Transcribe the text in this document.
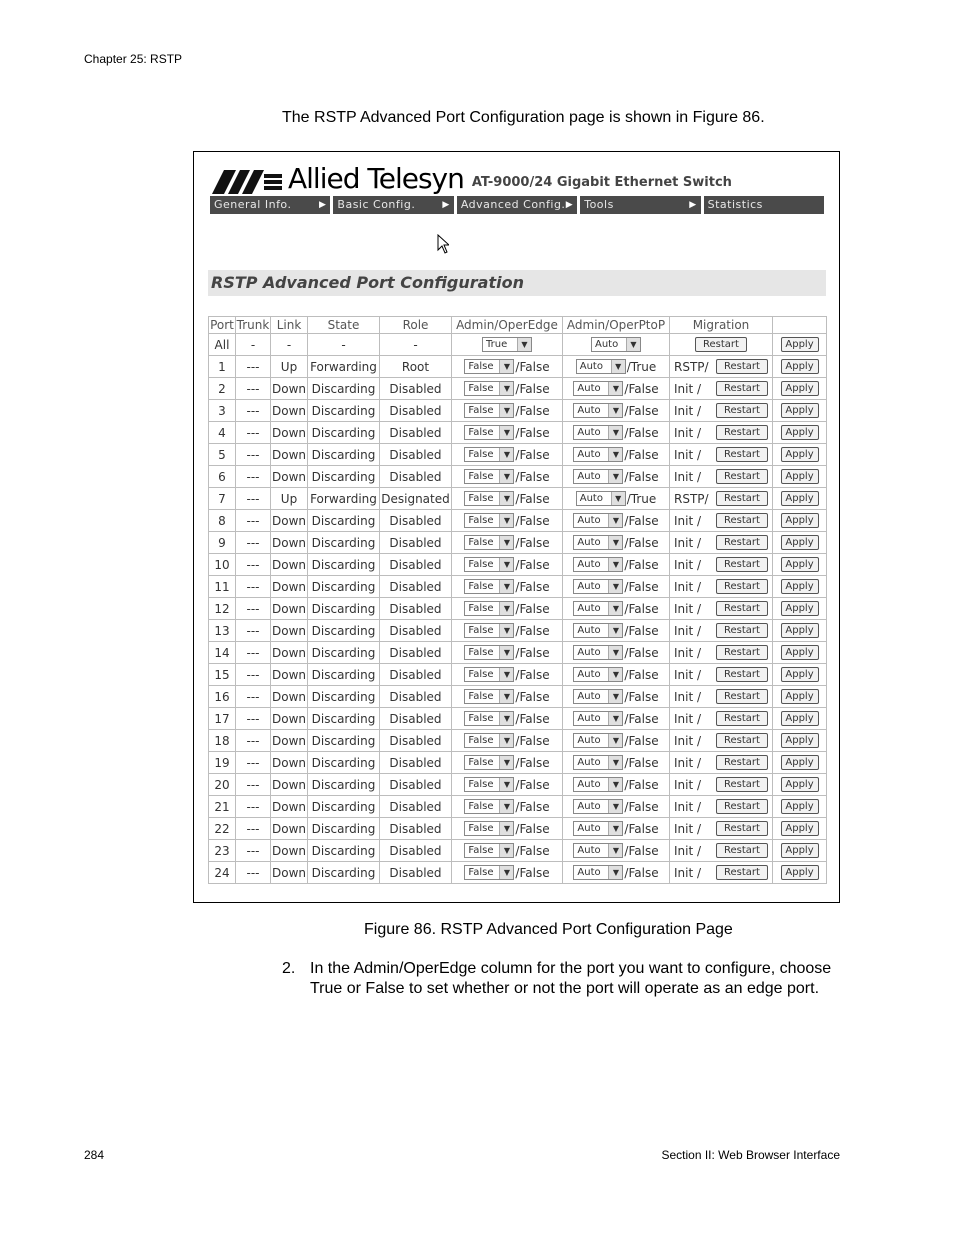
Chapter 25: RSTP
The RSTP Advanced Port Configuration page is shown in Figure 86.
Allied Telesyn AT-9000/24 Gigabit Ethernet Switch
General Info.	▶	Basic Config.	▶	Advanced Config. ▶	Tools	▶	Statistics
RSTP Advanced Port Configuration
Port	Trunk	Link	State	Role	Admin/OperEdge	Admin/OperPtoP	Migration	
All	-	-	-	-	True ▼	Auto ▼	Restart	Apply
1	---	Up	Forwarding	Root	False ▼ /False	Auto ▼ /True	RSTP/ Restart	Apply
2	---	Down	Discarding	Disabled	False ▼ /False	Auto ▼ /False	Init / Restart	Apply
3	---	Down	Discarding	Disabled	False ▼ /False	Auto ▼ /False	Init / Restart	Apply
4	---	Down	Discarding	Disabled	False ▼ /False	Auto ▼ /False	Init / Restart	Apply
5	---	Down	Discarding	Disabled	False ▼ /False	Auto ▼ /False	Init / Restart	Apply
6	---	Down	Discarding	Disabled	False ▼ /False	Auto ▼ /False	Init / Restart	Apply
7	---	Up	Forwarding	Designated	False ▼ /False	Auto ▼ /True	RSTP/ Restart	Apply
8	---	Down	Discarding	Disabled	False ▼ /False	Auto ▼ /False	Init / Restart	Apply
9	---	Down	Discarding	Disabled	False ▼ /False	Auto ▼ /False	Init / Restart	Apply
10	---	Down	Discarding	Disabled	False ▼ /False	Auto ▼ /False	Init / Restart	Apply
11	---	Down	Discarding	Disabled	False ▼ /False	Auto ▼ /False	Init / Restart	Apply
12	---	Down	Discarding	Disabled	False ▼ /False	Auto ▼ /False	Init / Restart	Apply
13	---	Down	Discarding	Disabled	False ▼ /False	Auto ▼ /False	Init / Restart	Apply
14	---	Down	Discarding	Disabled	False ▼ /False	Auto ▼ /False	Init / Restart	Apply
15	---	Down	Discarding	Disabled	False ▼ /False	Auto ▼ /False	Init / Restart	Apply
16	---	Down	Discarding	Disabled	False ▼ /False	Auto ▼ /False	Init / Restart	Apply
17	---	Down	Discarding	Disabled	False ▼ /False	Auto ▼ /False	Init / Restart	Apply
18	---	Down	Discarding	Disabled	False ▼ /False	Auto ▼ /False	Init / Restart	Apply
19	---	Down	Discarding	Disabled	False ▼ /False	Auto ▼ /False	Init / Restart	Apply
20	---	Down	Discarding	Disabled	False ▼ /False	Auto ▼ /False	Init / Restart	Apply
21	---	Down	Discarding	Disabled	False ▼ /False	Auto ▼ /False	Init / Restart	Apply
22	---	Down	Discarding	Disabled	False ▼ /False	Auto ▼ /False	Init / Restart	Apply
23	---	Down	Discarding	Disabled	False ▼ /False	Auto ▼ /False	Init / Restart	Apply
24	---	Down	Discarding	Disabled	False ▼ /False	Auto ▼ /False	Init / Restart	Apply
Figure 86. RSTP Advanced Port Configuration Page
2. In the Admin/OperEdge column for the port you want to configure, choose True or False to set whether or not the port will operate as an edge port.
284	Section II: Web Browser Interface
